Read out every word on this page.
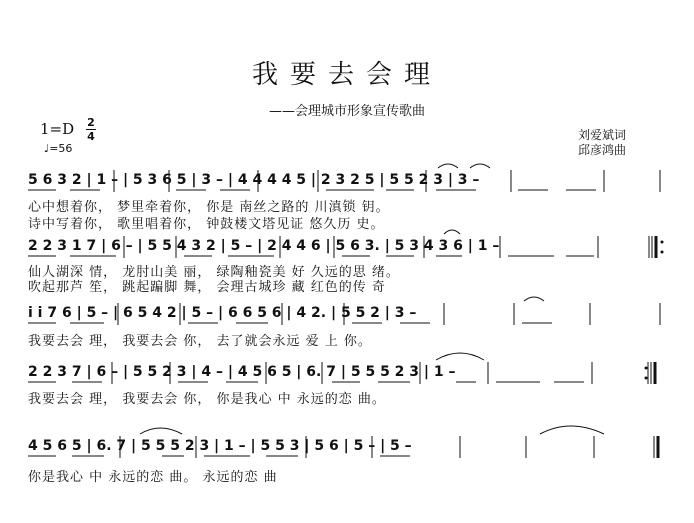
我要去会理
——会理城市形象宣传歌曲
1=D 2
4
♩=56
刘爱斌词
邱彦鸿曲
5 6 3 2 | 1 – | 5 3 6 5 | 3 – | 4 4 4 4 5 | 2 3 2 5 | 5 5 2 3 | 3 –
心中想着你， 梦里牵着你， 你是 南丝之路的 川滇锁 钥。
诗中写着你， 歌里唱着你， 钟鼓楼文塔见证 悠久历 史。
2 2 3 1 7 | 6 – | 5 5 4 3 2 | 5 – | 2 4 4 6 | 5 6 3. | 5 3 4 3 6 | 1 –
仙人湖深 情， 龙肘山美 丽， 绿陶釉瓷美 好 久远的思 绪。
吹起那芦 笙， 跳起蹁脚 舞， 会理古城珍 藏 红色的传 奇
i i 7 6 | 5 – | 6 5 4 2 | 5 – | 6 6 5 6 | 4 2. | 5 5 2 | 3 –
我要去会 理， 我要去会 你， 去了就会永远 爱 上 你。
2 2 3 7 | 6 – | 5 5 2 3 | 4 – | 4 5 6 5 | 6. 7 | 5 5 5 2 3 | 1 –
我要去会 理， 我要去会 你， 你是我心 中 永远的恋 曲。
4 5 6 5 | 6. 7 | 5 5 5 2 3 | 1 – | 5 5 3 | 5 6 | 5 – | 5 –
你是我心 中 永远的恋 曲。 永远的恋 曲
